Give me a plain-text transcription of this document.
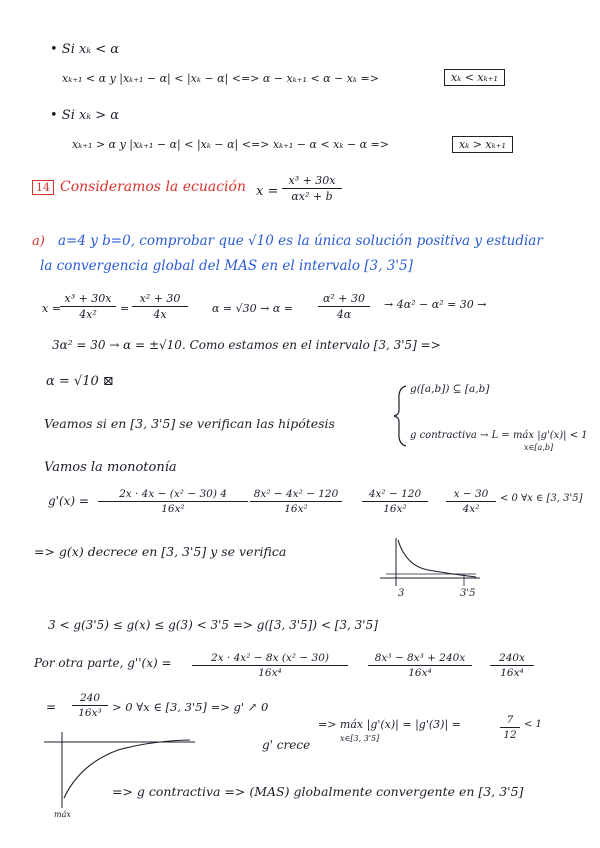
• Si xₖ < α
xₖ₊₁ < α y |xₖ₊₁ − α| < |xₖ − α| <=> α − xₖ₊₁ < α − xₖ =>	xₖ < xₖ₊₁
• Si xₖ > α
xₖ₊₁ > α y |xₖ₊₁ − α| < |xₖ − α| <=> xₖ₊₁ − α < xₖ − α =>	xₖ > xₖ₊₁
14 Consideramos la ecuación $x = \frac{\text{x³ + 30x}}{\text{αx² + b}}$
a) a=4 y b=0, comprobar que √10 es la única solución positiva y estudiar
la convergencia global del MAS en el intervalo [3, 3'5]
$x = \frac{\text{x³ + 30x}}{\text{4x²}} = \frac{\text{x² + 30}}{4x}$ $\alpha = √30 \to \alpha = \frac{\text{α² + 30}}{4\alpha} \to 4\alpha^2 - \alpha^2 = 30$ →
3α² = 30 → α = ±√10. Como estamos en el intervalo [3, 3'5] =>
α = √10 ⊠
Veamos si en [3, 3'5] se verifican las hipótesis
g([a,b]) ⊆ [a,b]
g contractiva → L = máx |g'(x)| < 1
x∈[a,b]
Vamos la monotonía
$g'(x) = \frac{\text{2x · 4x − (x² − 30) 4}}{\text{16x²}} \frac{\text{8x² − 4x² − 120}}{\text{16x²}} \frac{\text{4x² − 120}}{\text{16x²}} \frac{x - 30}{\text{4x²}} < 0$ ∀x ∈ [3, 3'5]
=> g(x) decrece en [3, 3'5] y se verifica
3	3'5
3 < g(3'5) ≤ g(x) ≤ g(3) < 3'5 => g([3, 3'5]) < [3, 3'5]
Por otra parte, $g''(x) = \frac{\text{2x · 4x² − 8x (x² − 30)}}{\text{16x⁴}} \frac{\text{8x³ − 8x³ + 240x}}{\text{16x⁴}} \frac{240x}{\text{16x⁴}}$
= $\frac{240}{\text{16x³}} > 0$ ∀x ∈ [3, 3'5] => g' ↗ 0
=> máx |g'(x)| = |g'(3)| =
x∈[3, 3'5]	$\frac{7}{12} < 1$
g' crece
máx
=> g contractiva => (MAS) globalmente convergente en [3, 3'5]
